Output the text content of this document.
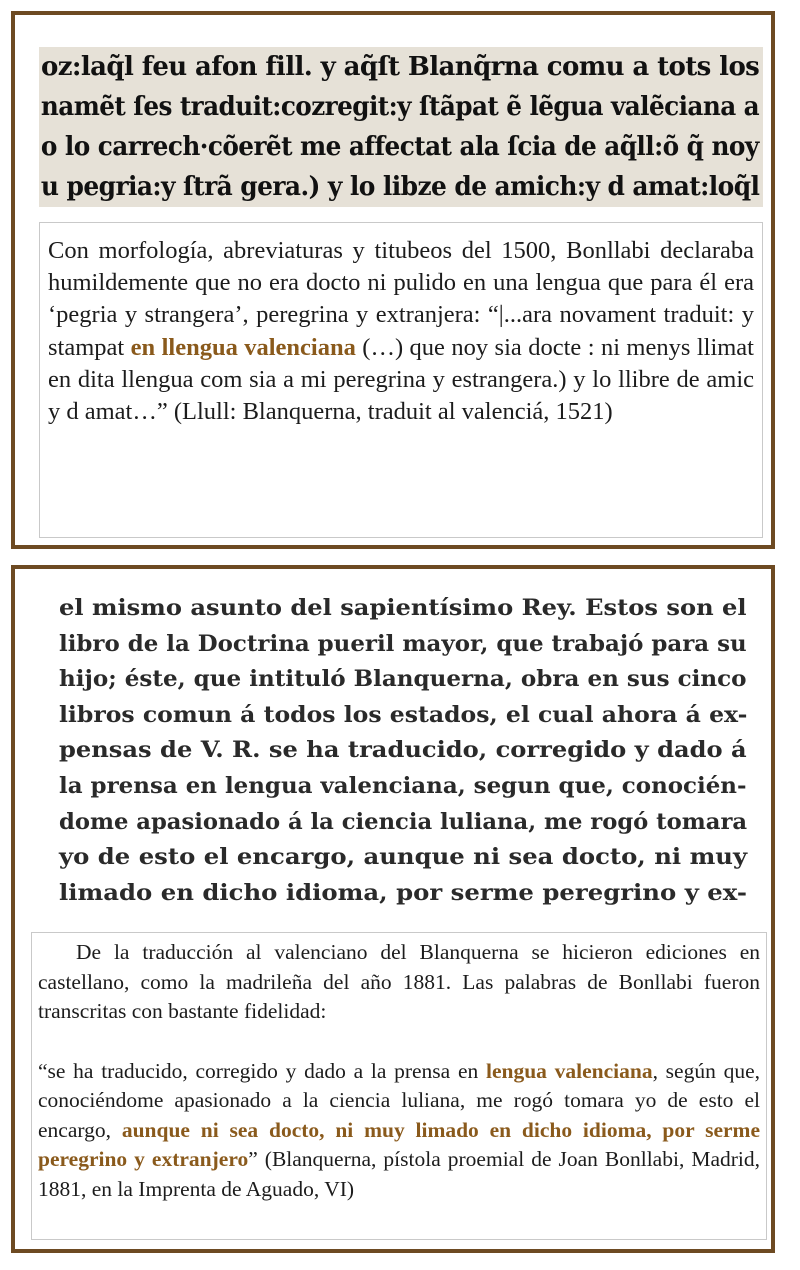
oz:laq̃l feu afon fill. y aq̃ſt Blanq̃rna comu a tots los
namẽt ſes traduit:cozregit:y ſtãpat ẽ lẽgua valẽciana a
o lo carrech·cõerẽt me affectat ala ſcia de aq̃ll:õ q̃ noy
u pegria:y ſtrã gera.) y lo libze de amich:y d amat:loq̃l
Con morfología, abreviaturas y titubeos del 1500, Bonllabi declaraba humildemente que no era docto ni pulido en una lengua que para él era ‘pegria y strangera’, peregrina y extranjera: “|...ara novament traduit: y stampat en llengua valenciana (…) que noy sia docte : ni menys llimat en dita llengua com sia a mi peregrina y estrangera.) y lo llibre de amic y d amat…” (Llull: Blanquerna, traduit al valenciá, 1521)
el mismo asunto del sapientísimo Rey. Estos son el
libro de la Doctrina pueril mayor, que trabajó para su
hijo; éste, que intituló Blanquerna, obra en sus cinco
libros comun á todos los estados, el cual ahora á ex-
pensas de V. R. se ha traducido, corregido y dado á
la prensa en lengua valenciana, segun que, conocién-
dome apasionado á la ciencia luliana, me rogó tomara
yo de esto el encargo, aunque ni sea docto, ni muy
limado en dicho idioma, por serme peregrino y ex-

De la traducción al valenciano del Blanquerna se hicieron ediciones en castellano, como la madrileña del año 1881. Las palabras de Bonllabi fueron transcritas con bastante fidelidad:

“se ha traducido, corregido y dado a la prensa en lengua valenciana, según que, conociéndome apasionado a la ciencia luliana, me rogó tomara yo de esto el encargo, aunque ni sea docto, ni muy limado en dicho idioma, por serme peregrino y extranjero” (Blanquerna, pístola proemial de Joan Bonllabi, Madrid, 1881, en la Imprenta de Aguado, VI)
